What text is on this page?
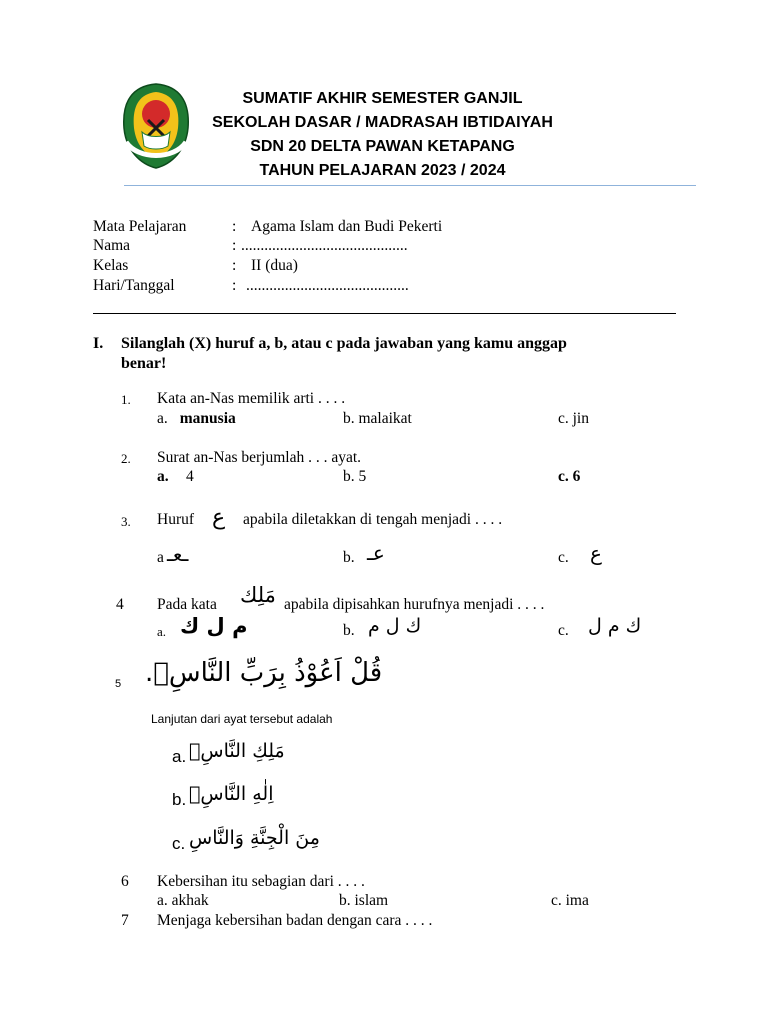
SUMATIF AKHIR SEMESTER GANJIL
SEKOLAH DASAR / MADRASAH IBTIDAIYAH
SDN 20 DELTA PAWAN KETAPANG
TAHUN PELAJARAN 2023 / 2024
Mata Pelajaran	: Agama Islam dan Budi Pekerti
Nama	: ...........................................
Kelas	: II (dua)
Hari/Tanggal	: ..........................................
I. Silanglah (X) huruf a, b, atau c pada jawaban yang kamu anggap
benar!
1. Kata an-Nas memilik arti . . . .
a. manusia	b. malaikat	c. jin
2. Surat an-Nas berjumlah . . . ayat.
a. 4	b. 5	c. 6
3. Huruf ع apabila diletakkan di tengah menjadi . . . .
a ـعـ	b. عـ	c. ع
4 Pada kata مَلِك apabila dipisahkan hurufnya menjadi . . . .
a. م ل ك	b. ك ل م	c. ك م ل
5 قُلْ اَعُوْذُ بِرَبِّ النَّاسِۙ.
Lanjutan dari ayat tersebut adalah
a. مَلِكِ النَّاسِۙ
b. اِلٰهِ النَّاسِۙ
c. مِنَ الْجِنَّةِ وَالنَّاسِ
6 Kebersihan itu sebagian dari . . . .
a. akhak	b. islam	c. ima
7 Menjaga kebersihan badan dengan cara . . . .
